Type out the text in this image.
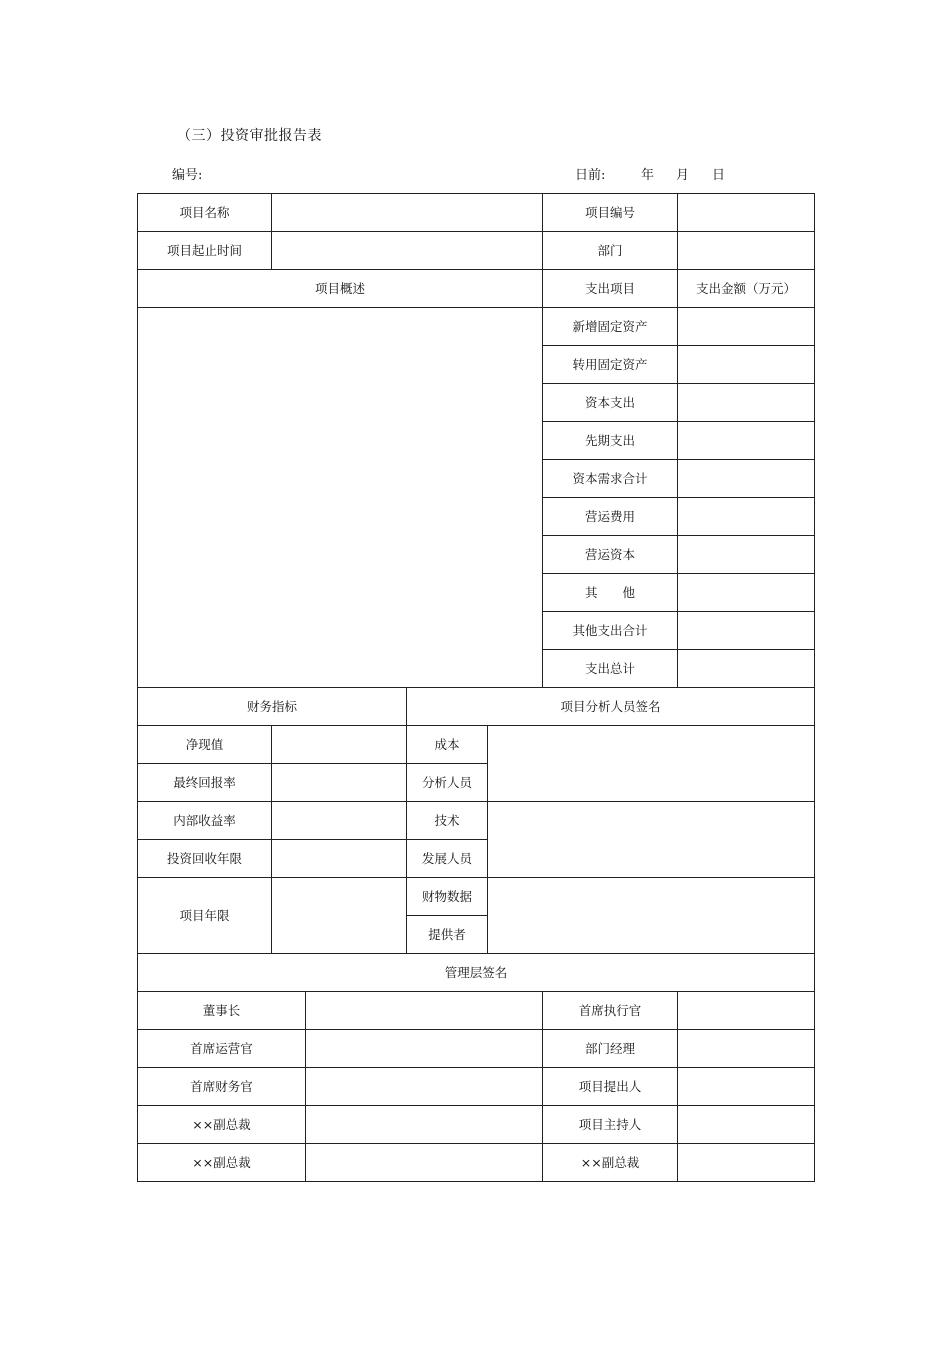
（三）投资审批报告表
编号:	日前:	年 月 日
项目名称					项目编号	
项目起止时间					部门	
项目概述					支出项目	支出金额（万元）
					新增固定资产	
					转用固定资产	
					资本支出	
					先期支出	
					资本需求合计	
					营运费用	
					营运资本	
					其　　他	
					其他支出合计	
					支出总计	
财务指标			项目分析人员签名			
净现值			成本			
最终回报率			分析人员			
内部收益率			技术			
投资回收年限			发展人员			
项目年限			财物数据			
			提供者			
管理层签名						
董事长					首席执行官	
首席运营官					部门经理	
首席财务官					项目提出人	
××副总裁					项目主持人	
××副总裁					××副总裁	
